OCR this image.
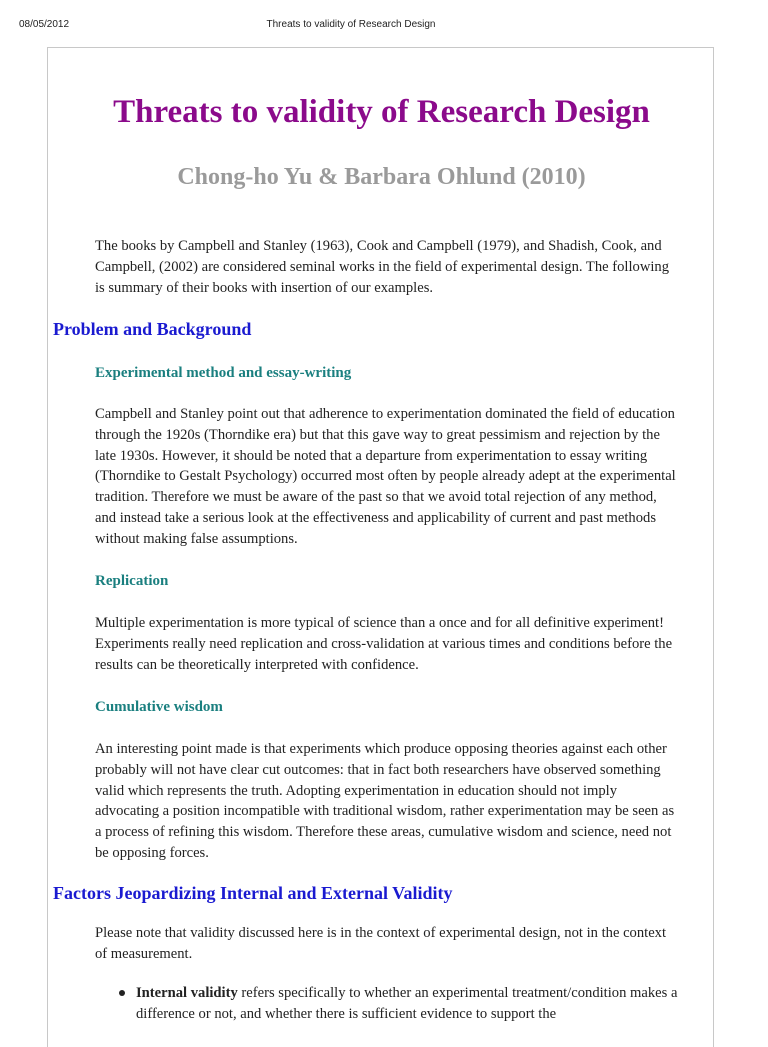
08/05/2012	Threats to validity of Research Design
Threats to validity of Research Design
Chong-ho Yu & Barbara Ohlund (2010)

The books by Campbell and Stanley (1963), Cook and Campbell (1979), and Shadish, Cook, and Campbell, (2002) are considered seminal works in the field of experimental design. The following is summary of their books with insertion of our examples.

Problem and Background
Experimental method and essay-writing

Campbell and Stanley point out that adherence to experimentation dominated the field of education through the 1920s (Thorndike era) but that this gave way to great pessimism and rejection by the late 1930s. However, it should be noted that a departure from experimentation to essay writing (Thorndike to Gestalt Psychology) occurred most often by people already adept at the experimental tradition. Therefore we must be aware of the past so that we avoid total rejection of any method, and instead take a serious look at the effectiveness and applicability of current and past methods without making false assumptions.

Replication

Multiple experimentation is more typical of science than a once and for all definitive experiment! Experiments really need replication and cross-validation at various times and conditions before the results can be theoretically interpreted with confidence.

Cumulative wisdom

An interesting point made is that experiments which produce opposing theories against each other probably will not have clear cut outcomes: that in fact both researchers have observed something valid which represents the truth. Adopting experimentation in education should not imply advocating a position incompatible with traditional wisdom, rather experimentation may be seen as a process of refining this wisdom. Therefore these areas, cumulative wisdom and science, need not be opposing forces.

Factors Jeopardizing Internal and External Validity

Please note that validity discussed here is in the context of experimental design, not in the context of measurement.

Internal validity refers specifically to whether an experimental treatment/condition makes a difference or not, and whether there is sufficient evidence to support the
